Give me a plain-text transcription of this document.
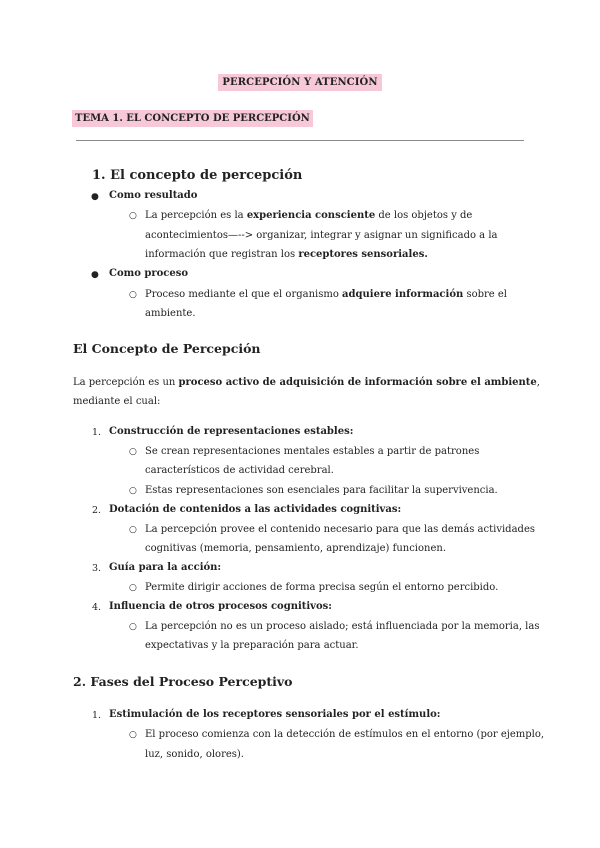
PERCEPCIÓN Y ATENCIÓN
TEMA 1. EL CONCEPTO DE PERCEPCIÓN
1. El concepto de percepción
● Como resultado
○ La percepción es la experiencia consciente de los objetos y de
acontecimientos—--> organizar, integrar y asignar un significado a la
información que registran los receptores sensoriales.
● Como proceso
○ Proceso mediante el que el organismo adquiere información sobre el
ambiente.
El Concepto de Percepción
La percepción es un proceso activo de adquisición de información sobre el ambiente,
mediante el cual:
1. Construcción de representaciones estables:
○ Se crean representaciones mentales estables a partir de patrones
característicos de actividad cerebral.
○ Estas representaciones son esenciales para facilitar la supervivencia.
2. Dotación de contenidos a las actividades cognitivas:
○ La percepción provee el contenido necesario para que las demás actividades
cognitivas (memoria, pensamiento, aprendizaje) funcionen.
3. Guía para la acción:
○ Permite dirigir acciones de forma precisa según el entorno percibido.
4. Influencia de otros procesos cognitivos:
○ La percepción no es un proceso aislado; está influenciada por la memoria, las
expectativas y la preparación para actuar.
2. Fases del Proceso Perceptivo
1. Estimulación de los receptores sensoriales por el estímulo:
○ El proceso comienza con la detección de estímulos en el entorno (por ejemplo,
luz, sonido, olores).
